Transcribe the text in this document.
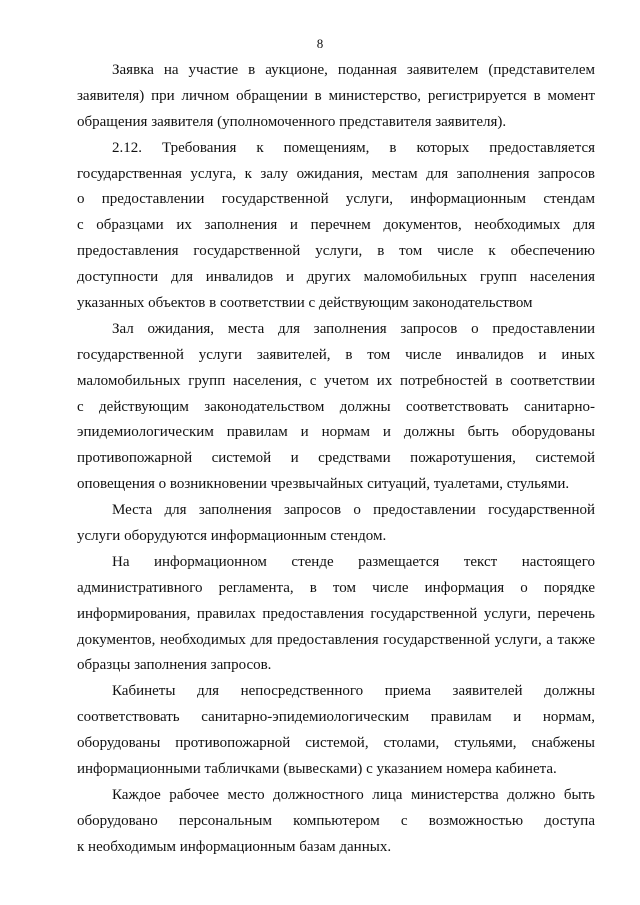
8
Заявка на участие в аукционе, поданная заявителем (представителем
заявителя) при личном обращении в министерство, регистрируется в момент
обращения заявителя (уполномоченного представителя заявителя).
2.12. Требования к помещениям, в которых предоставляется
государственная услуга, к залу ожидания, местам для заполнения запросов
о предоставлении государственной услуги, информационным стендам
с образцами их заполнения и перечнем документов, необходимых для
предоставления государственной услуги, в том числе к обеспечению
доступности для инвалидов и других маломобильных групп населения
указанных объектов в соответствии с действующим законодательством
Зал ожидания, места для заполнения запросов о предоставлении
государственной услуги заявителей, в том числе инвалидов и иных
маломобильных групп населения, с учетом их потребностей в соответствии
с действующим законодательством должны соответствовать санитарно-
эпидемиологическим правилам и нормам и должны быть оборудованы
противопожарной системой и средствами пожаротушения, системой
оповещения о возникновении чрезвычайных ситуаций, туалетами, стульями.
Места для заполнения запросов о предоставлении государственной
услуги оборудуются информационным стендом.
На информационном стенде размещается текст настоящего
административного регламента, в том числе информация о порядке
информирования, правилах предоставления государственной услуги, перечень
документов, необходимых для предоставления государственной услуги, а также
образцы заполнения запросов.
Кабинеты для непосредственного приема заявителей должны
соответствовать санитарно-эпидемиологическим правилам и нормам,
оборудованы противопожарной системой, столами, стульями, снабжены
информационными табличками (вывесками) с указанием номера кабинета.
Каждое рабочее место должностного лица министерства должно быть
оборудовано персональным компьютером с возможностью доступа
к необходимым информационным базам данных.
